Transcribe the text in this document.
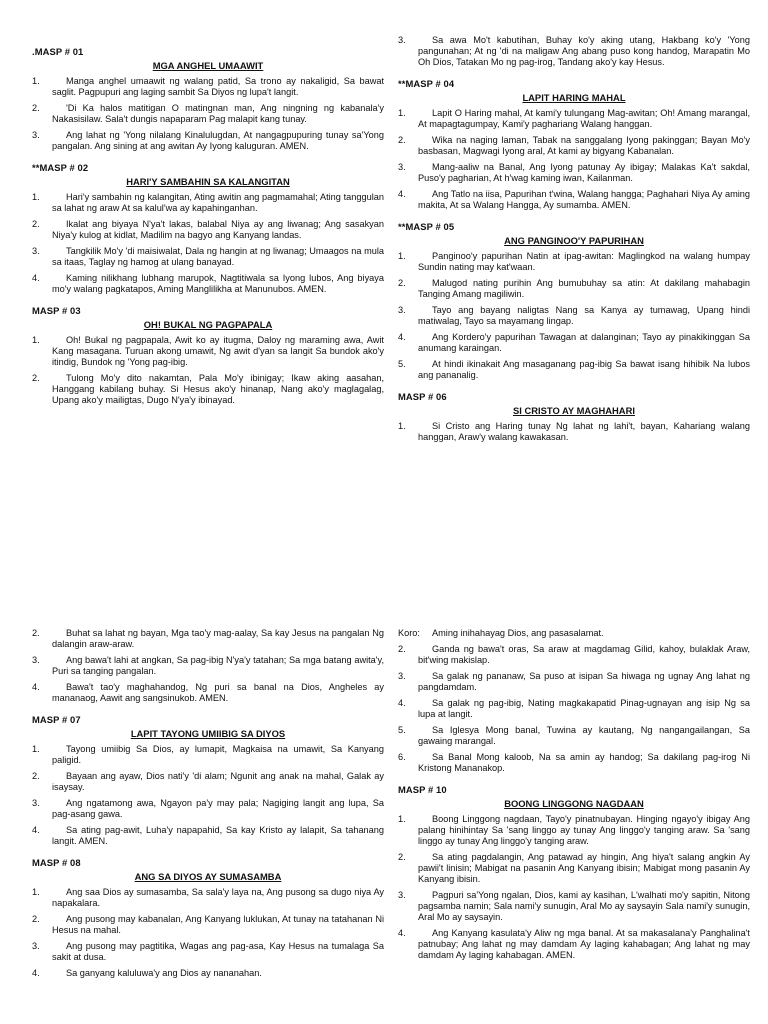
.MASP # 01
MGA ANGHEL UMAAWIT
1.	Manga anghel umaawit ng walang patid, Sa trono ay nakaligid, Sa bawat saglit. Pagpupuri ang laging sambit Sa Diyos ng lupa't langit.
2.	'Di Ka halos matitigan O matingnan man, Ang ningning ng kabanala'y Nakasisilaw. Sala't dungis napaparam Pag malapit kang tunay.
3.	Ang lahat ng 'Yong nilalang Kinalulugdan, At nangagpupuring tunay sa'Yong pangalan. Ang sining at ang awitan Ay Iyong kaluguran. AMEN.
**MASP # 02
HARI'Y SAMBAHIN SA KALANGITAN
1.	Hari'y sambahin ng kalangitan, Ating awitin ang pagmamahal; Ating tanggulan sa lahat ng araw At sa kalul'wa ay kapahinganhan.
2.	Ikalat ang biyaya N'ya't lakas, balabal Niya ay ang liwanag; Ang sasakyan Niya'y kulog at kidlat, Madilim na bagyo ang Kanyang landas.
3.	Tangkilik Mo'y 'di maisiwalat, Dala ng hangin at ng liwanag; Umaagos na mula sa itaas, Taglay ng hamog at ulang banayad.
4.	Kaming nilikhang lubhang marupok, Nagtitiwala sa Iyong lubos, Ang biyaya mo'y walang pagkatapos, Aming Manglilikha at Manunubos. AMEN.
MASP # 03
OH! BUKAL NG PAGPAPALA
1.	Oh! Bukal ng pagpapala, Awit ko ay itugma, Daloy ng maraming awa, Awit Kang masagana. Turuan akong umawit, Ng awit d'yan sa langit Sa bundok ako'y itindig, Bundok ng 'Yong pag-ibig.
2.	Tulong Mo'y dito nakamtan, Pala Mo'y ibinigay; Ikaw aking aasahan, Hanggang kabilang buhay. Si Hesus ako'y hinanap, Nang ako'y maglagalag, Upang ako'y mailigtas, Dugo N'ya'y ibinayad.
3.	Sa awa Mo't kabutihan, Buhay ko'y aking utang, Hakbang ko'y 'Yong pangunahan; At ng 'di na maligaw Ang abang puso kong handog, Marapatin Mo Oh Dios, Tatakan Mo ng pag-irog, Tandang ako'y kay Hesus.
**MASP # 04
LAPIT HARING MAHAL
1.	Lapit O Haring mahal, At kami'y tulungang Mag-awitan; Oh! Amang marangal, At mapagtagumpay, Kami'y paghariang Walang hanggan.
2.	Wika na naging laman, Tabak na sanggalang Iyong pakinggan; Bayan Mo'y basbasan, Magwagi Iyong aral, At kami ay bigyang Kabanalan.
3.	Mang-aaliw na Banal, Ang Iyong patunay Ay ibigay; Malakas Ka't sakdal, Puso'y pagharian, At h'wag kaming iwan, Kailanman.
4.	Ang Tatlo na iisa, Papurihan t'wina, Walang hangga; Paghahari Niya Ay aming makita, At sa Walang Hangga, Ay sumamba. AMEN.
**MASP # 05
ANG PANGINOO'Y PAPURIHAN
1.	Panginoo'y papurihan Natin at ipag-awitan: Maglingkod na walang humpay Sundin nating may kat'waan.
2.	Malugod nating purihin Ang bumubuhay sa atin: At dakilang mahabagin Tanging Amang magiliwin.
3.	Tayo ang bayang naligtas Nang sa Kanya ay tumawag, Upang hindi matiwalag, Tayo sa mayamang lingap.
4.	Ang Kordero'y papurihan Tawagan at dalanginan; Tayo ay pinakikinggan Sa anumang karaingan.
5.	At hindi ikinakait Ang masaganang pag-ibig Sa bawat isang hihibik Na lubos ang pananalig.
MASP # 06
SI CRISTO AY MAGHAHARI
1.	Si Cristo ang Haring tunay Ng lahat ng lahi't, bayan, Kahariang walang hanggan, Araw'y walang kawakasan.
2.	Buhat sa lahat ng bayan, Mga tao'y mag-aalay, Sa kay Jesus na pangalan Ng dalangin araw-araw.
3.	Ang bawa't lahi at angkan, Sa pag-ibig N'ya'y tatahan; Sa mga batang awita'y, Puri sa tanging pangalan.
4.	Bawa't tao'y maghahandog, Ng puri sa banal na Dios, Angheles ay mananaog, Aawit ang sangsinukob. AMEN.
MASP # 07
LAPIT TAYONG UMIIBIG SA DIYOS
1.	Tayong umiibig Sa Dios, ay lumapit, Magkaisa na umawit, Sa Kanyang paligid.
2.	Bayaan ang ayaw, Dios nati'y 'di alam; Ngunit ang anak na mahal, Galak ay isaysay.
3.	Ang ngatamong awa, Ngayon pa'y may pala; Nagiging langit ang lupa, Sa pag-asang gawa.
4.	Sa ating pag-awit, Luha'y napapahid, Sa kay Kristo ay lalapit, Sa tahanang langit. AMEN.
MASP # 08
ANG SA DIYOS AY SUMASAMBA
1.	Ang saa Dios ay sumasamba, Sa sala'y laya na, Ang pusong sa dugo niya Ay napakalara.
2.	Ang pusong may kabanalan, Ang Kanyang luklukan, At tunay na tatahanan Ni Hesus na mahal.
3.	Ang pusong may pagtitika, Wagas ang pag-asa, Kay Hesus na tumalaga Sa sakit at dusa.
4.	Sa ganyang kaluluwa'y ang Dios ay nananahan.
Koro:	Aming inihahayag Dios, ang pasasalamat.
2.	Ganda ng bawa't oras, Sa araw at magdamag Gilid, kahoy, bulaklak Araw, bit'wing makislap.
3.	Sa galak ng pananaw, Sa puso at isipan Sa hiwaga ng ugnay Ang lahat ng pangdamdam.
4.	Sa galak ng pag-ibig, Nating magkakapatid Pinag-ugnayan ang isip Ng sa lupa at langit.
5.	Sa Iglesya Mong banal, Tuwina ay kautang, Ng nangangailangan, Sa gawaing marangal.
6.	Sa Banal Mong kaloob, Na sa amin ay handog; Sa dakilang pag-irog Ni Kristong Mananakop.
MASP # 10
BOONG LINGGONG NAGDAAN
1.	Boong Linggong nagdaan, Tayo'y pinatnubayan. Hinging ngayo'y ibigay Ang palang hinihintay Sa 'sang linggo ay tunay Ang linggo'y tanging araw. Sa 'sang linggo ay tunay Ang linggo'y tanging araw.
2.	Sa ating pagdalangin, Ang patawad ay hingin, Ang hiya't salang angkin Ay pawii't linisin; Mabigat na pasanin Ang Kanyang ibisin; Mabigat mong pasanin Ay Kanyang ibisin.
3.	Pagpuri sa'Yong ngalan, Dios, kami ay kasihan, L'walhati mo'y sapitin, Nitong pagsamba namin; Sala nami'y sunugin, Aral Mo ay saysayin Sala nami'y sunugin, Aral Mo ay saysayin.
4.	Ang Kanyang kasulata'y Aliw ng mga banal. At sa makasalana'y Panghalina't patnubay; Ang lahat ng may damdam Ay laging kahabagan; Ang lahat ng may damdam Ay laging kahabagan. AMEN.
